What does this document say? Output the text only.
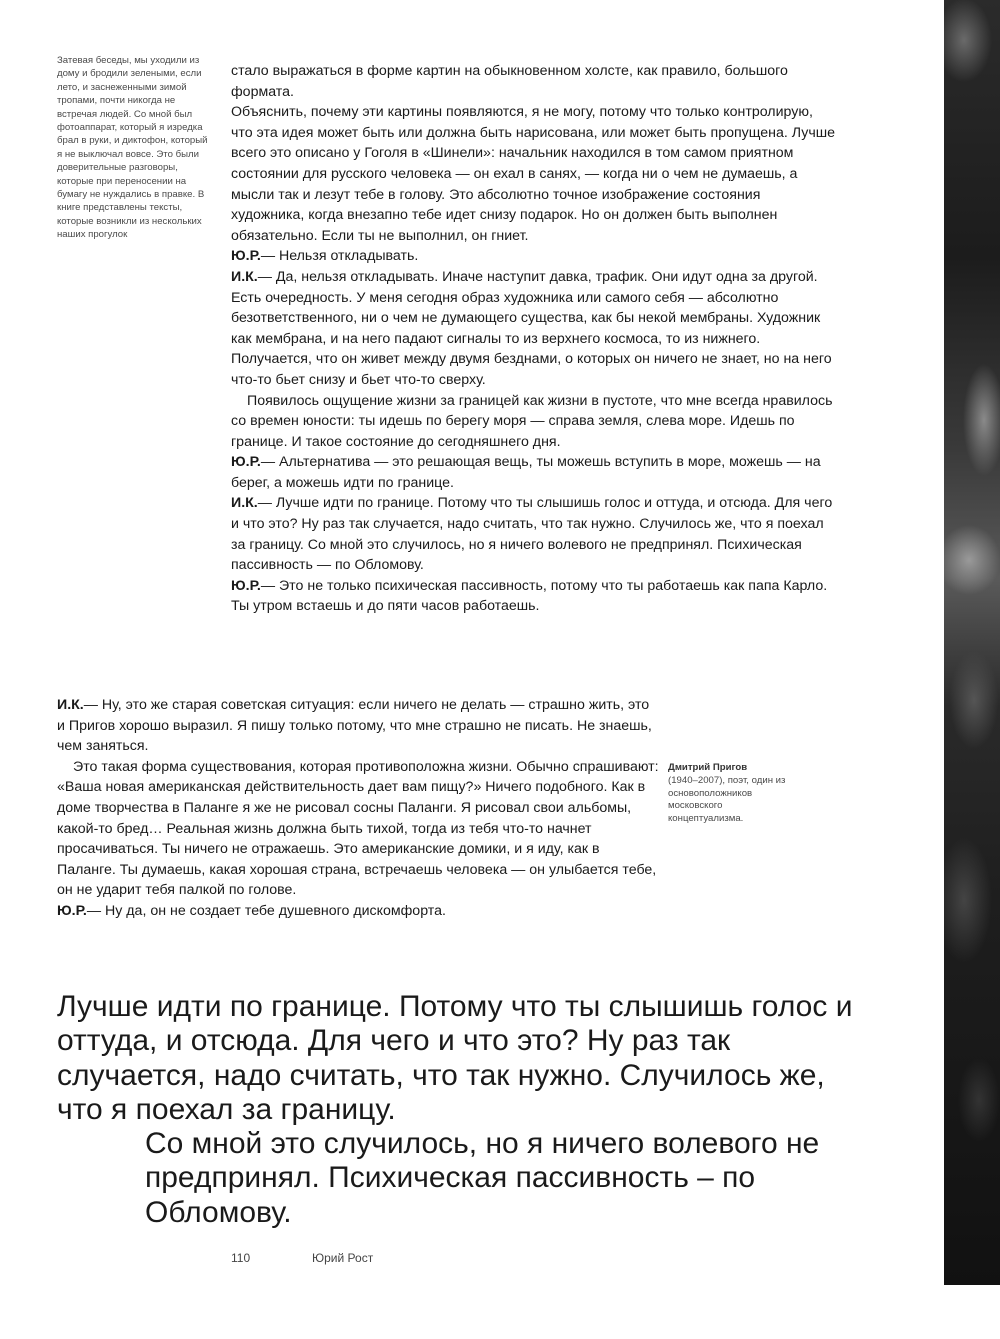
Затевая беседы, мы уходили из дому и бродили зелеными, если лето, и заснеженными зимой тропами, почти никогда не встречая людей. Со мной был фотоаппарат, который я изредка брал в руки, и диктофон, который я не выключал вовсе. Это были доверительные разговоры, которые при переносении на бумагу не нуждались в правке. В книге представлены тексты, которые возникли из нескольких наших прогулок

стало выражаться в форме картин на обыкновенном холсте, как правило, большого формата.

Объяснить, почему эти картины появляются, я не могу, потому что только контролирую, что эта идея может быть или должна быть нарисована, или может быть пропущена. Лучше всего это описано у Гоголя в «Шинели»: начальник находился в том самом приятном состоянии для русского человека — он ехал в санях, — когда ни о чем не думаешь, а мысли так и лезут тебе в голову. Это абсолютно точное изображение состояния художника, когда внезапно тебе идет снизу подарок. Но он должен быть выполнен обязательно. Если ты не выполнил, он гниет.

Ю.Р.— Нельзя откладывать.

И.К.— Да, нельзя откладывать. Иначе наступит давка, трафик. Они идут одна за другой. Есть очередность. У меня сегодня образ художника или самого себя — абсолютно безответственного, ни о чем не думающего существа, как бы некой мембраны. Художник как мембрана, и на него падают сигналы то из верхнего космоса, то из нижнего. Получается, что он живет между двумя безднами, о которых он ничего не знает, но на него что-то бьет снизу и бьет что-то сверху.

Появилось ощущение жизни за границей как жизни в пустоте, что мне всегда нравилось со времен юности: ты идешь по берегу моря — справа земля, слева море. Идешь по границе. И такое состояние до сегодняшнего дня.

Ю.Р.— Альтернатива — это решающая вещь, ты можешь вступить в море, можешь — на берег, а можешь идти по границе.

И.К.— Лучше идти по границе. Потому что ты слышишь голос и оттуда, и отсюда. Для чего и что это? Ну раз так случается, надо считать, что так нужно. Случилось же, что я поехал за границу. Со мной это случилось, но я ничего волевого не предпринял. Психическая пассивность — по Обломову.

Ю.Р.— Это не только психическая пассивность, потому что ты работаешь как папа Карло. Ты утром встаешь и до пяти часов работаешь.

И.К.— Ну, это же старая советская ситуация: если ничего не делать — страшно жить, это и Пригов хорошо выразил. Я пишу только потому, что мне страшно не писать. Не знаешь, чем заняться.

Это такая форма существования, которая противоположна жизни. Обычно спрашивают: «Ваша новая американская действительность дает вам пищу?» Ничего подобного. Как в доме творчества в Паланге я же не рисовал сосны Паланги. Я рисовал свои альбомы, какой-то бред… Реальная жизнь должна быть тихой, тогда из тебя что-то начнет просачиваться. Ты ничего не отражаешь. Это американские домики, и я иду, как в Паланге. Ты думаешь, какая хорошая страна, встречаешь человека — он улыбается тебе, он не ударит тебя палкой по голове.

Ю.Р.— Ну да, он не создает тебе душевного дискомфорта.

Дмитрий Пригов
(1940–2007), поэт, один из основоположников московского концептуализма.

Лучше идти по границе. Потому что ты слышишь голос и оттуда, и отсюда. Для чего и что это? Ну раз так случается, надо считать, что так нужно. Случилось же, что я поехал за границу.

Со мной это случилось, но я ничего волевого не предпринял. Психическая пассивность – по Обломову.

110	Юрий Рост
